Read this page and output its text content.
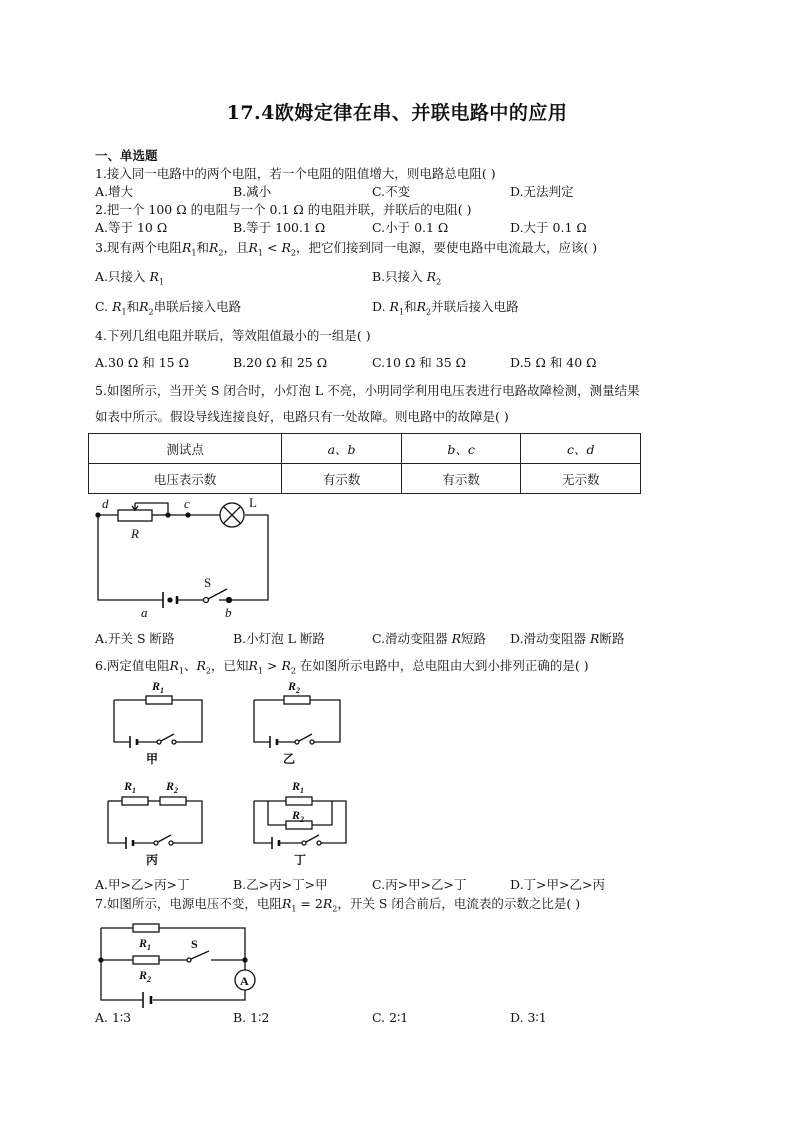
17.4欧姆定律在串、并联电路中的应用
一、单选题
1.接入同一电路中的两个电阻，若一个电阻的阻值增大，则电路总电阻( )
A.增大	B.减小	C.不变	D.无法判定
2.把一个 100 Ω 的电阻与一个 0.1 Ω 的电阻并联，并联后的电阻( )
A.等于 10 Ω	B.等于 100.1 Ω	C.小于 0.1 Ω	D.大于 0.1 Ω
3.现有两个电阻$R_1$和$R_2$，且$R_1 < R_2$，把它们接到同一电源，要使电路中电流最大，应该( )
A.只接入 $R_1$	B.只接入 $R_2$
C. $R_1$和$R_2$串联后接入电路	D. $R_1$和$R_2$并联后接入电路
4.下列几组电阻并联后，等效阻值最小的一组是( )
A.30 Ω 和 15 Ω	B.20 Ω 和 25 Ω	C.10 Ω 和 35 Ω	D.5 Ω 和 40 Ω
5.如图所示，当开关 S 闭合时，小灯泡 L 不亮，小明同学利用电压表进行电路故障检测，测量结果
如表中所示。假设导线连接良好，电路只有一处故障。则电路中的故障是( )
测试点	a、b	b、c	c、d
电压表示数	有示数	有示数	无示数
d	c
R
a	b
L
S
A.开关 S 断路	B.小灯泡 L 断路	C.滑动变阻器 R短路 D.滑动变阻器 R断路
6.两定值电阻$R_1$、$R_2$，已知$R_1 > R_2$ 在如图所示电路中，总电阻由大到小排列正确的是( )
$R_1$
甲
$R_2$
乙
$R_1$ $R_2$
丙
$R_1$
$R_2$
丁
A.甲>乙>丙>丁	B.乙>丙>丁>甲	C.丙>甲>乙>丁	D.丁>甲>乙>丙
7.如图所示，电源电压不变，电阻$R_1 = 2R_2$，开关 S 闭合前后，电流表的示数之比是( )
$R_1$
$R_2$
S
A
A. 1∶3	B. 1∶2	C. 2∶1	D. 3∶1
